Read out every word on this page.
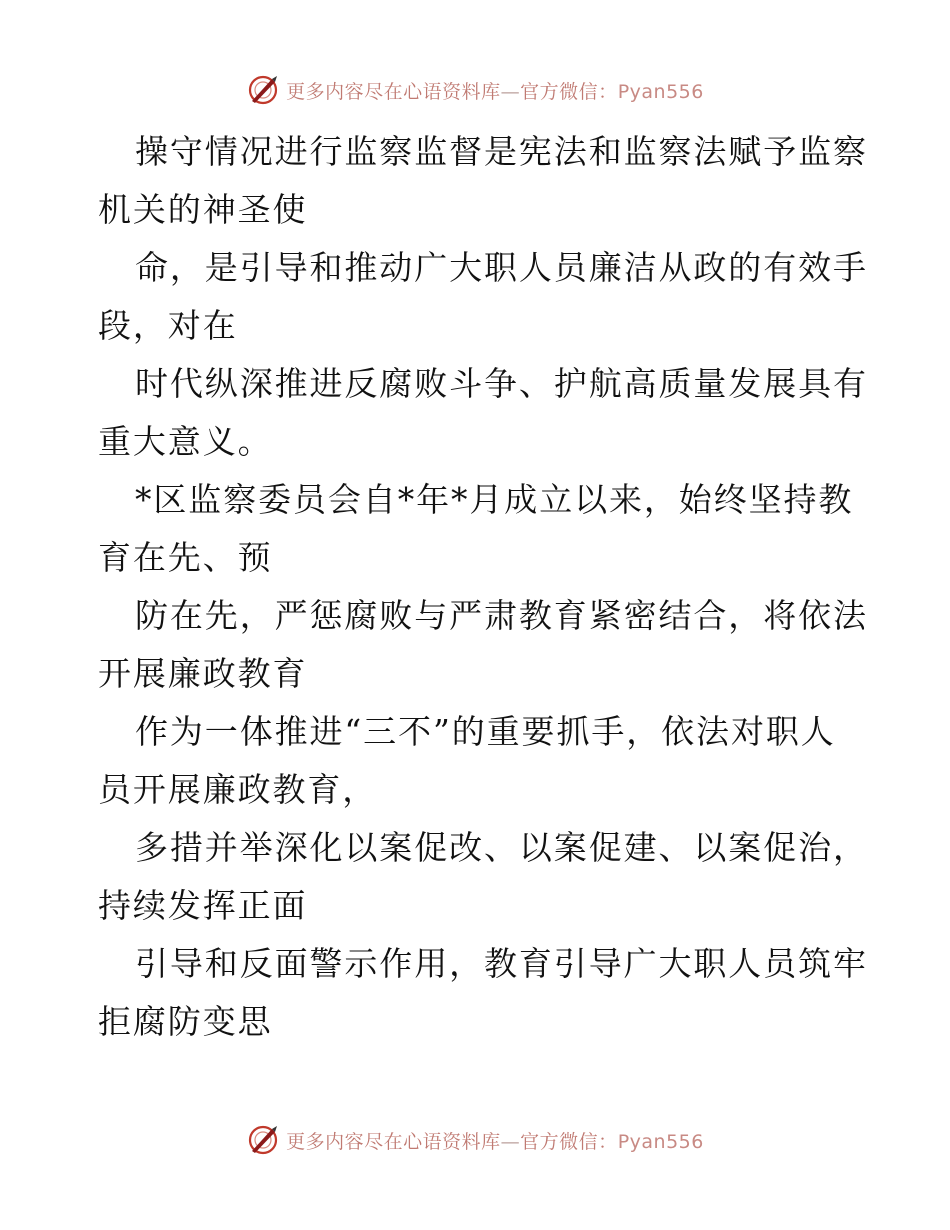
更多内容尽在心语资料库—官方微信：Pyan556

操守情况进行监察监督是宪法和监察法赋予监察
机关的神圣使

命，是引导和推动广大职人员廉洁从政的有效手
段，对在

时代纵深推进反腐败斗争、护航高质量发展具有
重大意义。

*区监察委员会自*年*月成立以来，始终坚持教
育在先、预

防在先，严惩腐败与严肃教育紧密结合，将依法
开展廉政教育

作为一体推进“三不”的重要抓手，依法对职人
员开展廉政教育，

多措并举深化以案促改、以案促建、以案促治，
持续发挥正面

引导和反面警示作用，教育引导广大职人员筑牢
拒腐防变思

更多内容尽在心语资料库—官方微信：Pyan556
